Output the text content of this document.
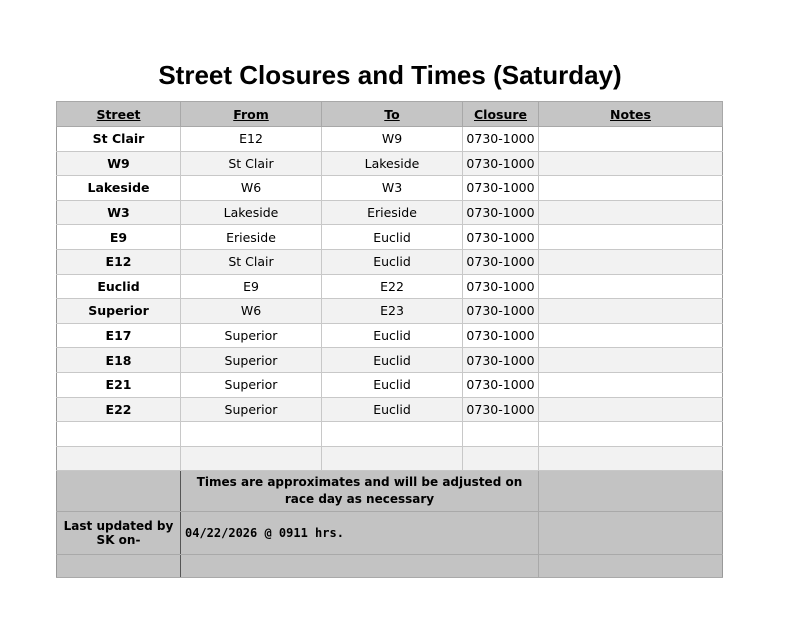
Street Closures and Times (Saturday)
Street	From	To	Closure	Notes
St Clair	E12	W9	0730-1000	
W9	St Clair	Lakeside	0730-1000	
Lakeside	W6	W3	0730-1000	
W3	Lakeside	Erieside	0730-1000	
E9	Erieside	Euclid	0730-1000	
E12	St Clair	Euclid	0730-1000	
Euclid	E9	E22	0730-1000	
Superior	W6	E23	0730-1000	
E17	Superior	Euclid	0730-1000	
E18	Superior	Euclid	0730-1000	
E21	Superior	Euclid	0730-1000	
E22	Superior	Euclid	0730-1000	

	Times are approximates and will be adjusted on race day as necessary			
Last updated by SK on-	04/22/2026 @ 0911 hrs.			
